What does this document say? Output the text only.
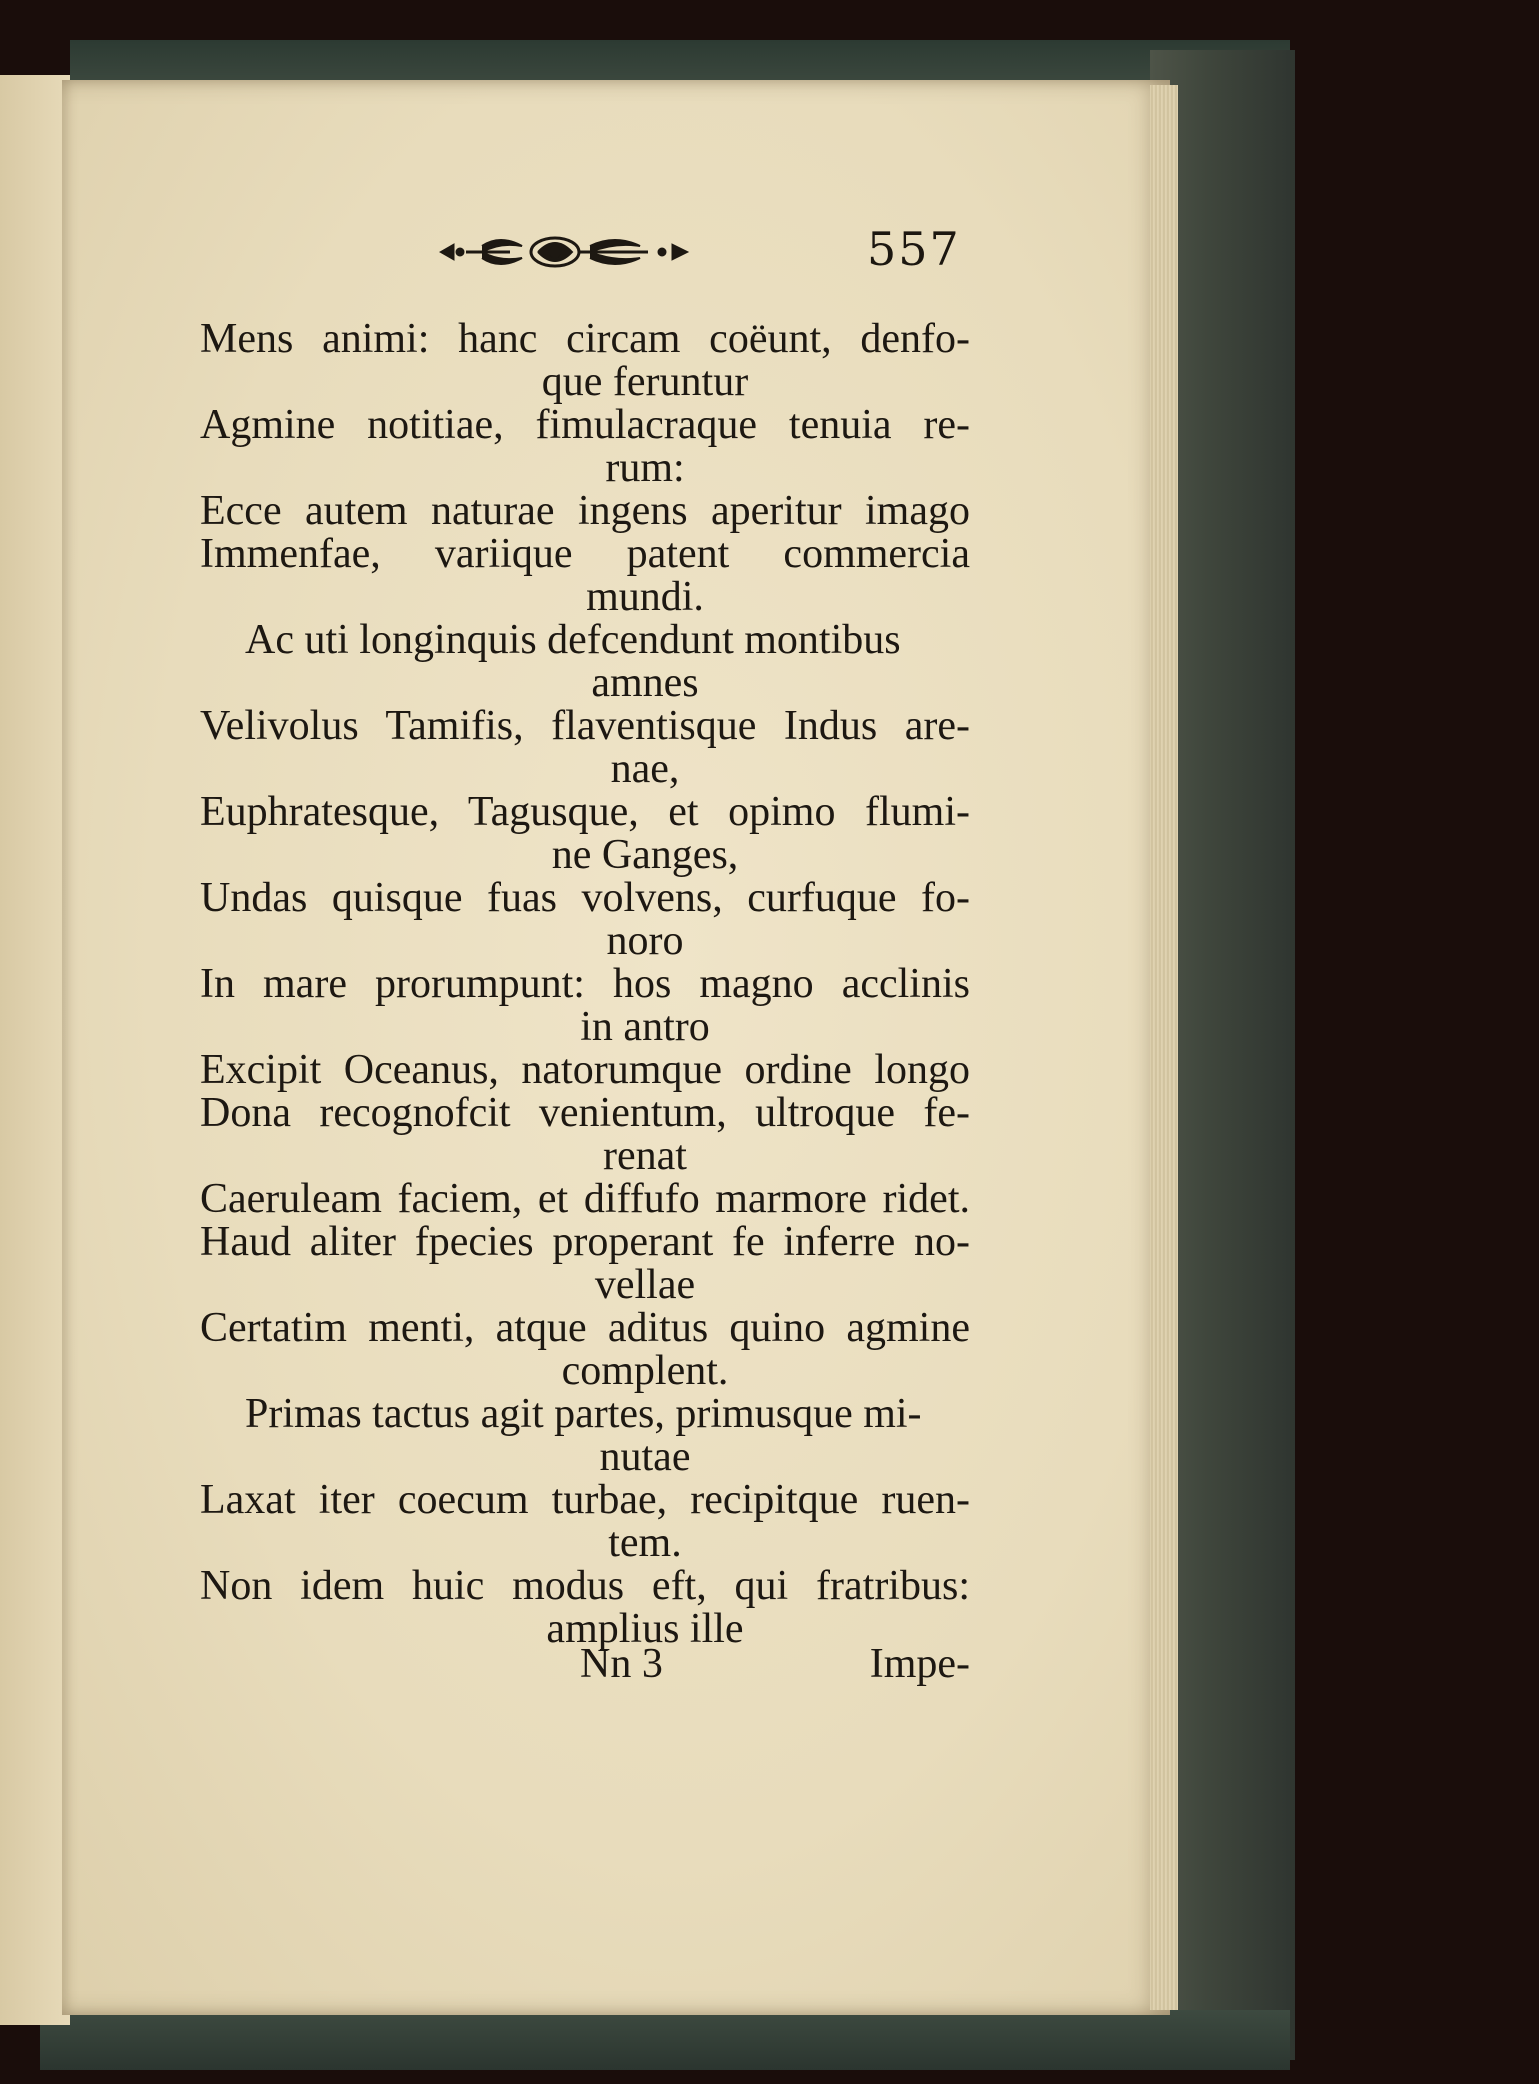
557
Mens animi: hanc circam coëunt, denfo-
que feruntur
Agmine notitiae, fimulacraque tenuia re-
rum:
Ecce autem naturae ingens aperitur imago
Immenfae, variique patent commercia
mundi.
Ac uti longinquis defcendunt montibus
amnes
Velivolus Tamifis, flaventisque Indus are-
nae,
Euphratesque, Tagusque, et opimo flumi-
ne Ganges,
Undas quisque fuas volvens, curfuque fo-
noro
In mare prorumpunt: hos magno acclinis
in antro
Excipit Oceanus, natorumque ordine longo
Dona recognofcit venientum, ultroque fe-
renat
Caeruleam faciem, et diffufo marmore ridet.
Haud aliter fpecies properant fe inferre no-
vellae
Certatim menti, atque aditus quino agmine
complent.
Primas tactus agit partes, primusque mi-
nutae
Laxat iter coecum turbae, recipitque ruen-
tem.
Non idem huic modus eft, qui fratribus:
amplius ille
Nn 3	Impe-
